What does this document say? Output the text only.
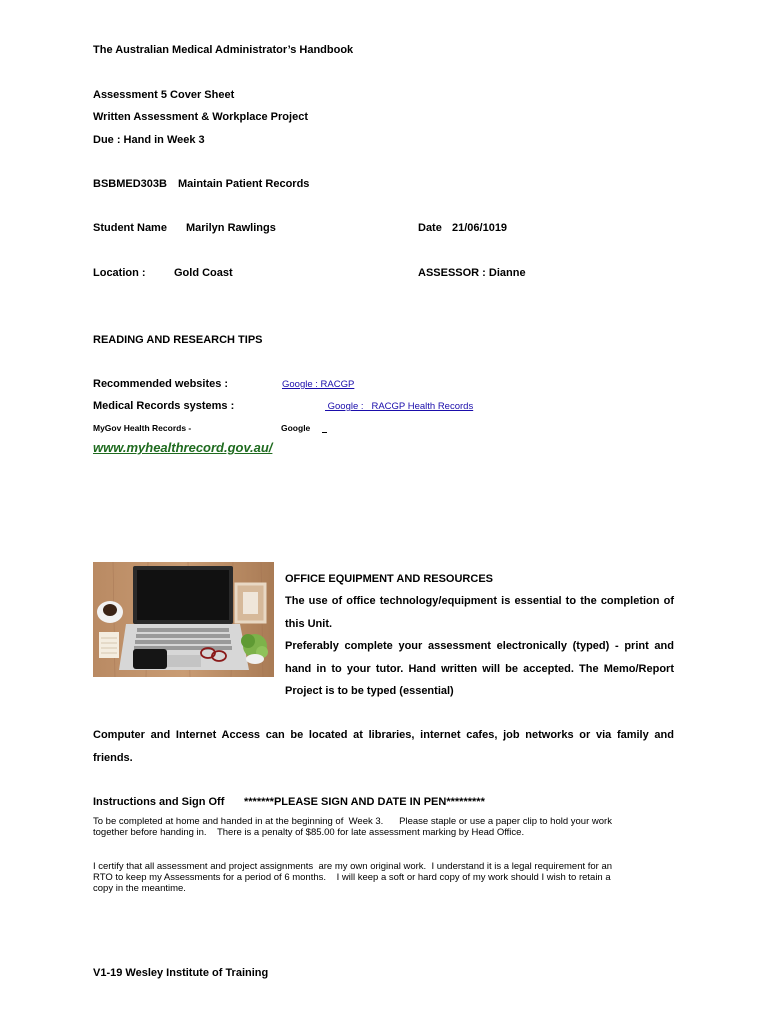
The Australian Medical Administrator’s Handbook
Assessment 5 Cover Sheet
Written Assessment & Workplace Project
Due : Hand in Week 3
BSBMED303B Maintain Patient Records
Student Name Marilyn Rawlings	Date 21/06/1019
Location :	Gold Coast	ASSESSOR : Dianne
READING AND RESEARCH TIPS
Recommended websites :	Google : RACGP
Medical Records systems :	Google :   RACGP Health Records
MyGov Health Records -	Google
www.myhealthrecord.gov.au/
OFFICE EQUIPMENT AND RESOURCES
The use of office technology/equipment is essential to the completion of this Unit.
Preferably complete your assessment electronically (typed) - print and hand in to your tutor. Hand written will be accepted. The Memo/Report Project is to be typed (essential)
Computer and Internet Access can be located at libraries, internet cafes, job networks or via family and friends.
Instructions and Sign Off *******PLEASE SIGN AND DATE IN PEN*********
To be completed at home and handed in at the beginning of  Week 3.      Please staple or use a paper clip to hold your work
together before handing in.    There is a penalty of $85.00 for late assessment marking by Head Office.
I certify that all assessment and project assignments  are my own original work.  I understand it is a legal requirement for an
RTO to keep my Assessments for a period of 6 months.    I will keep a soft or hard copy of my work should I wish to retain a
copy in the meantime.
V1-19 Wesley Institute of Training
